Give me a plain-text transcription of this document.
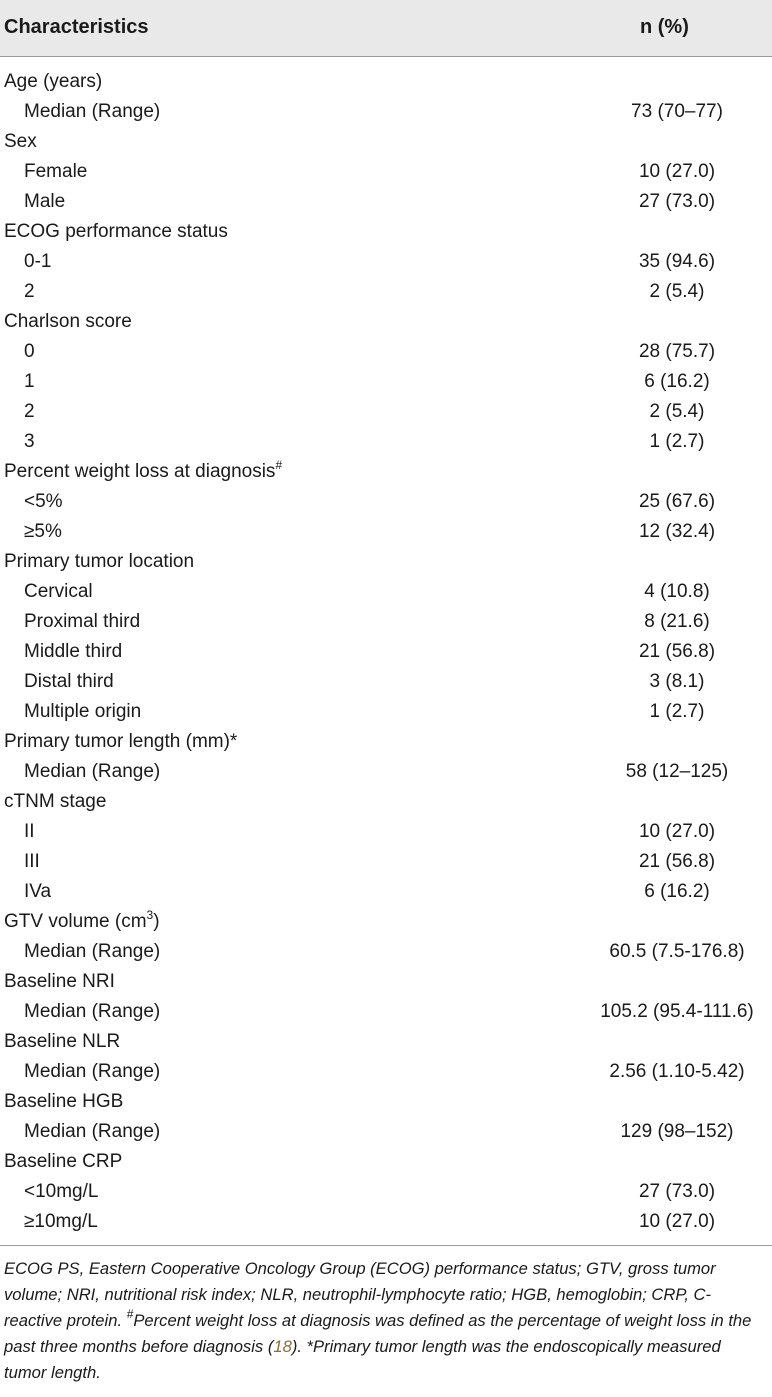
Characteristics	n (%)
Age (years)
Median (Range)	73 (70–77)
Sex
Female	10 (27.0)
Male	27 (73.0)
ECOG performance status
0-1	35 (94.6)
2	2 (5.4)
Charlson score
0	28 (75.7)
1	6 (16.2)
2	2 (5.4)
3	1 (2.7)
Percent weight loss at diagnosis#
<5%	25 (67.6)
≥5%	12 (32.4)
Primary tumor location
Cervical	4 (10.8)
Proximal third	8 (21.6)
Middle third	21 (56.8)
Distal third	3 (8.1)
Multiple origin	1 (2.7)
Primary tumor length (mm)*
Median (Range)	58 (12–125)
cTNM stage
II	10 (27.0)
III	21 (56.8)
IVa	6 (16.2)
GTV volume $(cm^3)$
Median (Range)	60.5 (7.5-176.8)
Baseline NRI
Median (Range)	105.2 (95.4-111.6)
Baseline NLR
Median (Range)	2.56 (1.10-5.42)
Baseline HGB
Median (Range)	129 (98–152)
Baseline CRP
<10mg/L	27 (73.0)
≥10mg/L	10 (27.0)
ECOG PS, Eastern Cooperative Oncology Group (ECOG) performance status; GTV, gross tumor volume; NRI, nutritional risk index; NLR, neutrophil-lymphocyte ratio; HGB, hemoglobin; CRP, C-reactive protein. #Percent weight loss at diagnosis was defined as the percentage of weight loss in the past three months before diagnosis (18). *Primary tumor length was the endoscopically measured tumor length.
